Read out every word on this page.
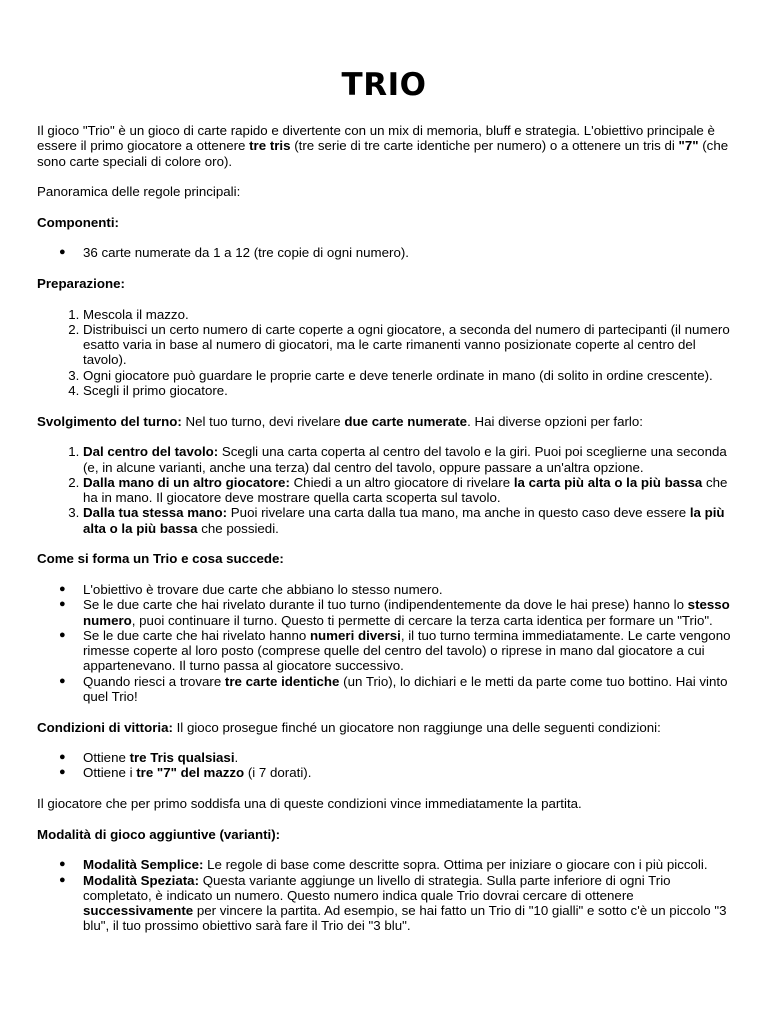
TRIO

Il gioco "Trio" è un gioco di carte rapido e divertente con un mix di memoria, bluff e strategia. L'obiettivo principale è essere il primo giocatore a ottenere tre tris (tre serie di tre carte identiche per numero) o a ottenere un tris di "7" (che sono carte speciali di colore oro).

Panoramica delle regole principali:

Componenti:

● 36 carte numerate da 1 a 12 (tre copie di ogni numero).

Preparazione:

1. Mescola il mazzo.
2. Distribuisci un certo numero di carte coperte a ogni giocatore, a seconda del numero di partecipanti (il numero esatto varia in base al numero di giocatori, ma le carte rimanenti vanno posizionate coperte al centro del tavolo).
3. Ogni giocatore può guardare le proprie carte e deve tenerle ordinate in mano (di solito in ordine crescente).
4. Scegli il primo giocatore.

Svolgimento del turno: Nel tuo turno, devi rivelare due carte numerate. Hai diverse opzioni per farlo:

1. Dal centro del tavolo: Scegli una carta coperta al centro del tavolo e la giri. Puoi poi sceglierne una seconda (e, in alcune varianti, anche una terza) dal centro del tavolo, oppure passare a un'altra opzione.
2. Dalla mano di un altro giocatore: Chiedi a un altro giocatore di rivelare la carta più alta o la più bassa che ha in mano. Il giocatore deve mostrare quella carta scoperta sul tavolo.
3. Dalla tua stessa mano: Puoi rivelare una carta dalla tua mano, ma anche in questo caso deve essere la più alta o la più bassa che possiedi.

Come si forma un Trio e cosa succede:

● L'obiettivo è trovare due carte che abbiano lo stesso numero.
● Se le due carte che hai rivelato durante il tuo turno (indipendentemente da dove le hai prese) hanno lo stesso numero, puoi continuare il turno. Questo ti permette di cercare la terza carta identica per formare un "Trio".
● Se le due carte che hai rivelato hanno numeri diversi, il tuo turno termina immediatamente. Le carte vengono rimesse coperte al loro posto (comprese quelle del centro del tavolo) o riprese in mano dal giocatore a cui appartenevano. Il turno passa al giocatore successivo.
● Quando riesci a trovare tre carte identiche (un Trio), lo dichiari e le metti da parte come tuo bottino. Hai vinto quel Trio!

Condizioni di vittoria: Il gioco prosegue finché un giocatore non raggiunge una delle seguenti condizioni:

● Ottiene tre Tris qualsiasi.
● Ottiene i tre "7" del mazzo (i 7 dorati).

Il giocatore che per primo soddisfa una di queste condizioni vince immediatamente la partita.

Modalità di gioco aggiuntive (varianti):

● Modalità Semplice: Le regole di base come descritte sopra. Ottima per iniziare o giocare con i più piccoli.
● Modalità Speziata: Questa variante aggiunge un livello di strategia. Sulla parte inferiore di ogni Trio completato, è indicato un numero. Questo numero indica quale Trio dovrai cercare di ottenere successivamente per vincere la partita. Ad esempio, se hai fatto un Trio di "10 gialli" e sotto c'è un piccolo "3 blu", il tuo prossimo obiettivo sarà fare il Trio dei "3 blu".
